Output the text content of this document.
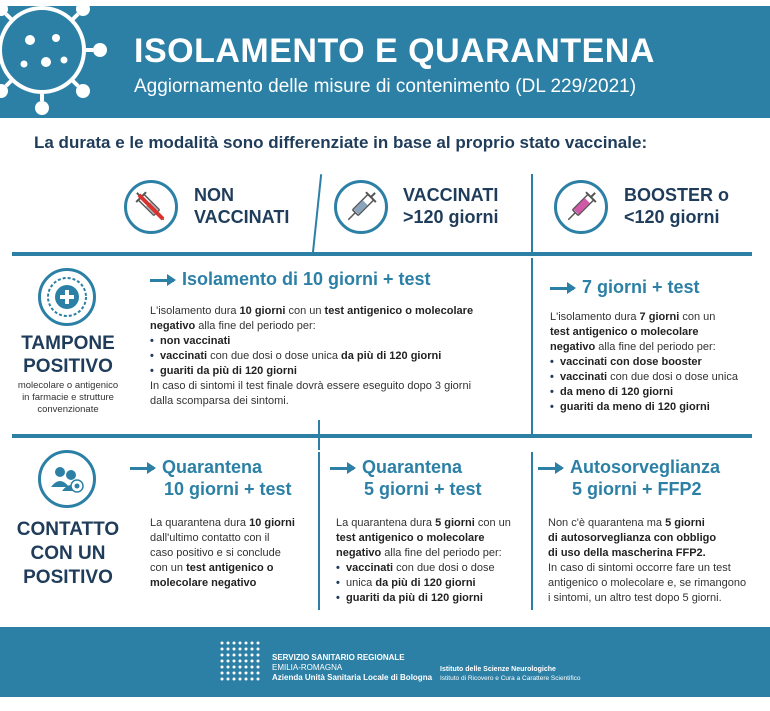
ISOLAMENTO E QUARANTENA
Aggiornamento delle misure di contenimento (DL 229/2021)
La durata e le modalità sono differenziate in base al proprio stato vaccinale:
NON
VACCINATI
VACCINATI
>120 giorni
BOOSTER o
<120 giorni
TAMPONE
POSITIVO
molecolare o antigenico
in farmacie e strutture
convenzionate
Isolamento di 10 giorni + test
L'isolamento dura 10 giorni con un test antigenico o molecolare
negativo alla fine del periodo per:
• non vaccinati
• vaccinati con due dosi o dose unica da più di 120 giorni
• guariti da più di 120 giorni
In caso di sintomi il test finale dovrà essere eseguito dopo 3 giorni
dalla scomparsa dei sintomi.
7 giorni + test
L'isolamento dura 7 giorni con un
test antigenico o molecolare
negativo alla fine del periodo per:
• vaccinati con dose booster
• vaccinati con due dosi o dose unica
• da meno di 120 giorni
• guariti da meno di 120 giorni
CONTATTO
CON UN
POSITIVO
Quarantena
10 giorni + test
La quarantena dura 10 giorni
dall'ultimo contatto con il
caso positivo e si conclude
con un test antigenico o
molecolare negativo
Quarantena
5 giorni + test
La quarantena dura 5 giorni con un
test antigenico o molecolare
negativo alla fine del periodo per:
• vaccinati con due dosi o dose
• unica da più di 120 giorni
• guariti da più di 120 giorni
Autosorveglianza
5 giorni + FFP2
Non c'è quarantena ma 5 giorni
di autosorveglianza con obbligo
di uso della mascherina FFP2.
In caso di sintomi occorre fare un test
antigenico o molecolare e, se rimangono
i sintomi, un altro test dopo 5 giorni.
SERVIZIO SANITARIO REGIONALE
EMILIA-ROMAGNA
Azienda Unità Sanitaria Locale di Bologna
Istituto delle Scienze Neurologiche
Istituto di Ricovero e Cura a Carattere Scientifico
